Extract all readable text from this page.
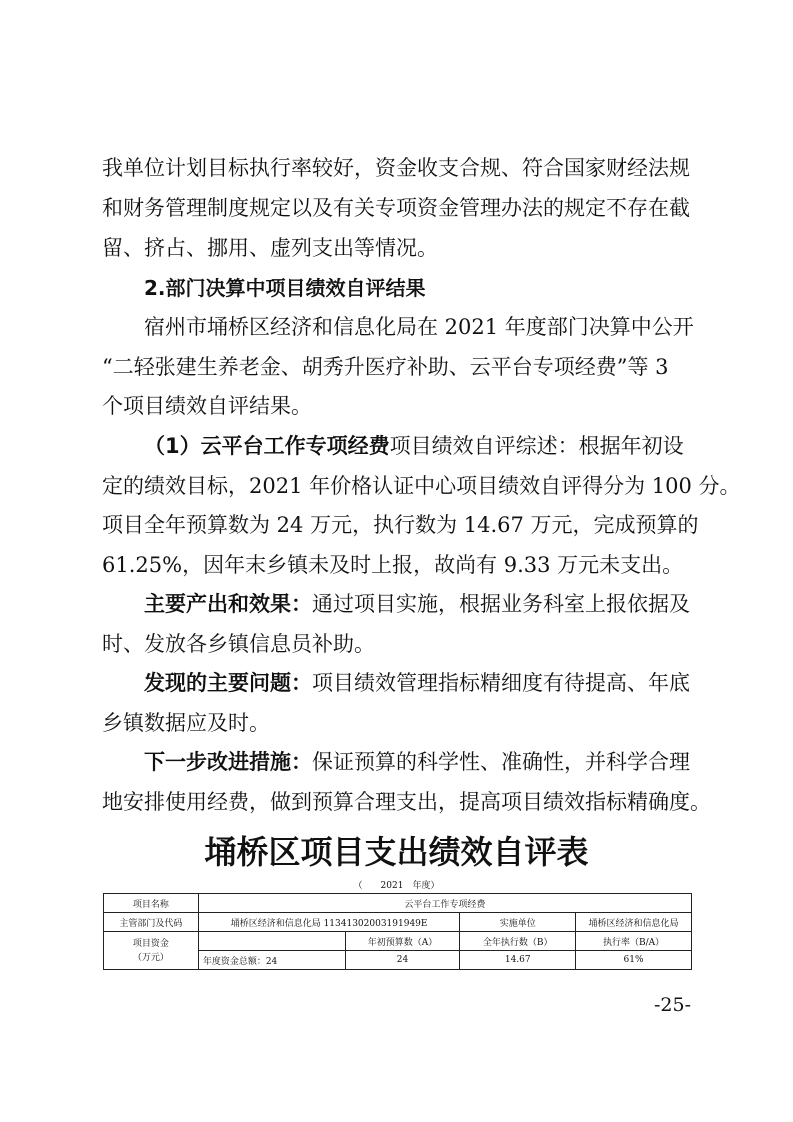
我单位计划目标执行率较好，资金收支合规、符合国家财经法规
和财务管理制度规定以及有关专项资金管理办法的规定不存在截
留、挤占、挪用、虚列支出等情况。
2.部门决算中项目绩效自评结果
宿州市埇桥区经济和信息化局在 2021 年度部门决算中公开
“二轻张建生养老金、胡秀升医疗补助、云平台专项经费”等 3
个项目绩效自评结果。
（1）云平台工作专项经费项目绩效自评综述：根据年初设
定的绩效目标，2021 年价格认证中心项目绩效自评得分为 100 分。
项目全年预算数为 24 万元，执行数为 14.67 万元，完成预算的
61.25%，因年末乡镇未及时上报，故尚有 9.33 万元未支出。
主要产出和效果：通过项目实施，根据业务科室上报依据及
时、发放各乡镇信息员补助。
发现的主要问题：项目绩效管理指标精细度有待提高、年底
乡镇数据应及时。
下一步改进措施：保证预算的科学性、准确性，并科学合理
地安排使用经费，做到预算合理支出，提高项目绩效指标精确度。
埇桥区项目支出绩效自评表
（　　2021　年度）
项目名称	云平台工作专项经费			
主管部门及代码	埇桥区经济和信息化局 1134130200319194​9E		实施单位	埇桥区经济和信息化局

项目资金
（万元）		年初预算数（A）	全年执行数（B）	执行率（B/A）
	年度资金总额：24	24	14.67	61%
-25-
